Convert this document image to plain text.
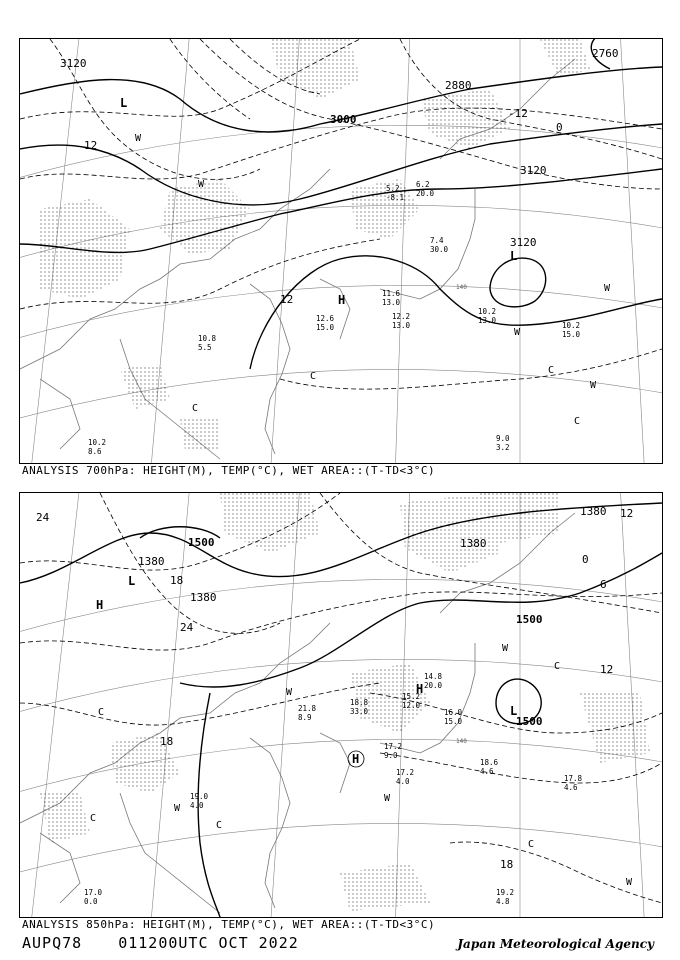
3120
3000
2880
2760
3120
3120
12
-12
0
12
L
L
H
W
W
C
W
C
W
C
W
C
10.8
5.5
11.6
13.0
12.2
13.0
10.2
13.0
10.2
15.0
12.6
15.0
5.2
-8.1
9.0
3.2
10.2
8.6
6.2
20.0
7.4
30.0
140
ANALYSIS 700hPa: HEIGHT(M), TEMP(°C), WET AREA::(T-TD<3°C)
1500
1380
1380
1380
1500
1500
1380
24
24
18
12
18
6
12
0
18
L
H
H
L
H
C
W
C
W
W
C
C
W
W
C
14.8
20.0
16.0
15.0
17.2
9.0
17.2
4.0
18.6
4.6
17.8
4.6
19.2
4.8
17.0
0.0
18.8
33.0
15.2
12.0
19.0
4.0
21.8
8.9
140
ANALYSIS 850hPa: HEIGHT(M), TEMP(°C), WET AREA::(T-TD<3°C)
AUPQ78 011200UTC OCT 2022	Japan Meteorological Agency
